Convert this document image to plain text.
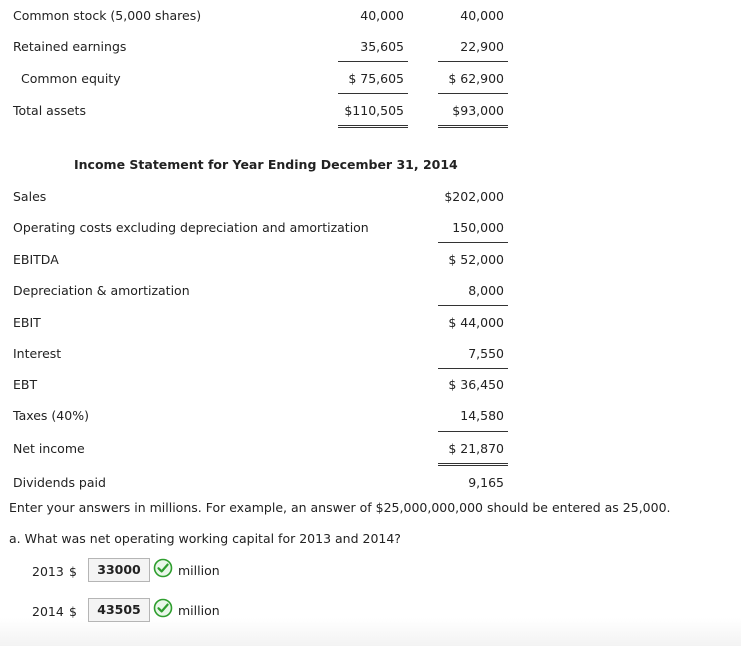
Common stock (5,000 shares)	40,000	40,000
Retained earnings	35,605	22,900
Common equity	$ 75,605	$ 62,900
Total assets	$110,505	$93,000
Income Statement for Year Ending December 31, 2014
Sales	$202,000
Operating costs excluding depreciation and amortization	150,000
EBITDA	$ 52,000
Depreciation & amortization	8,000
EBIT	$ 44,000
Interest	7,550
EBT	$ 36,450
Taxes (40%)	14,580
Net income	$ 21,870
Dividends paid	9,165
Enter your answers in millions. For example, an answer of $25,000,000,000 should be entered as 25,000.
a. What was net operating working capital for 2013 and 2014?
2013 $	33000	million
2014 $	43505	million
